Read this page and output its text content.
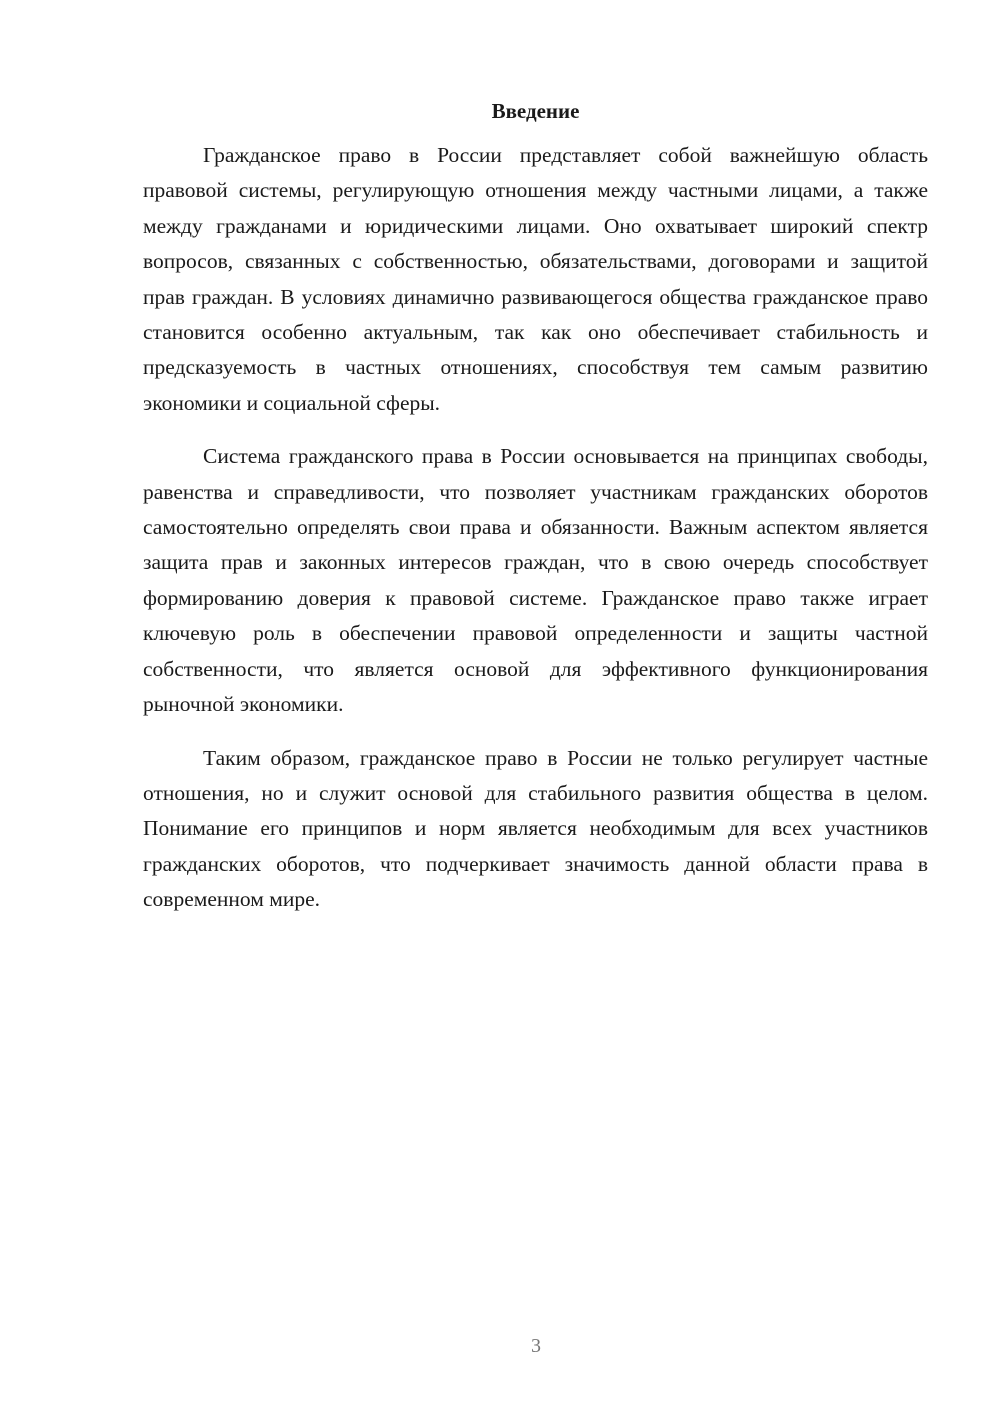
Введение

Гражданское право в России представляет собой важнейшую область правовой системы, регулирующую отношения между частными лицами, а также между гражданами и юридическими лицами. Оно охватывает широкий спектр вопросов, связанных с собственностью, обязательствами, договорами и защитой прав граждан. В условиях динамично развивающегося общества гражданское право становится особенно актуальным, так как оно обеспечивает стабильность и предсказуемость в частных отношениях, способствуя тем самым развитию экономики и социальной сферы.

Система гражданского права в России основывается на принципах свободы, равенства и справедливости, что позволяет участникам гражданских оборотов самостоятельно определять свои права и обязанности. Важным аспектом является защита прав и законных интересов граждан, что в свою очередь способствует формированию доверия к правовой системе. Гражданское право также играет ключевую роль в обеспечении правовой определенности и защиты частной собственности, что является основой для эффективного функционирования рыночной экономики.

Таким образом, гражданское право в России не только регулирует частные отношения, но и служит основой для стабильного развития общества в целом. Понимание его принципов и норм является необходимым для всех участников гражданских оборотов, что подчеркивает значимость данной области права в современном мире.

3
